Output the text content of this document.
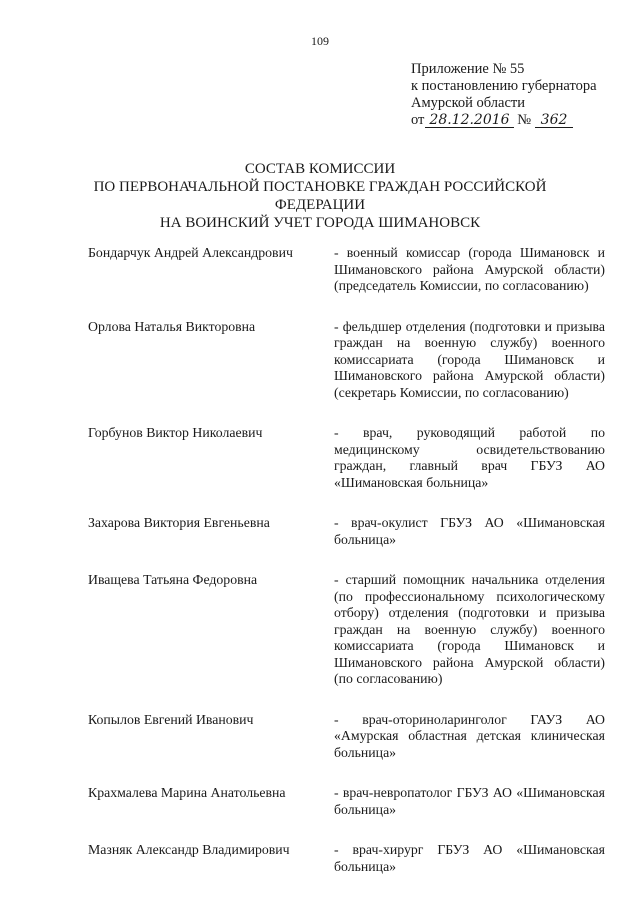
109
Приложение № 55
к постановлению губернатора
Амурской области
от 28.12.2016 № 362
СОСТАВ КОМИССИИ
ПО ПЕРВОНАЧАЛЬНОЙ ПОСТАНОВКЕ ГРАЖДАН РОССИЙСКОЙ ФЕДЕРАЦИИ
НА ВОИНСКИЙ УЧЕТ ГОРОДА ШИМАНОВСК
Бондарчук Андрей Александрович	- военный комиссар (города Шимановск и Шимановского района Амурской области) (председатель Комиссии, по согласованию)
Орлова Наталья Викторовна	- фельдшер отделения (подготовки и призыва граждан на военную службу) военного комиссариата (города Шимановск и Шимановского района Амурской области) (секретарь Комиссии, по согласованию)
Горбунов Виктор Николаевич	- врач, руководящий работой по медицинскому освидетельствованию граждан, главный врач ГБУЗ АО «Шимановская больница»
Захарова Виктория Евгеньевна	- врач-окулист ГБУЗ АО «Шимановская больница»
Иващева Татьяна Федоровна	- старший помощник начальника отделения (по профессиональному психологическому отбору) отделения (подготовки и призыва граждан на военную службу) военного комиссариата (города Шимановск и Шимановского района Амурской области) (по согласованию)
Копылов Евгений Иванович	- врач-оториноларинголог ГАУЗ АО «Амурская областная детская клиническая больница»
Крахмалева Марина Анатольевна	- врач-невропатолог ГБУЗ АО «Шимановская больница»
Мазняк Александр Владимирович	- врач-хирург ГБУЗ АО «Шимановская больница»
